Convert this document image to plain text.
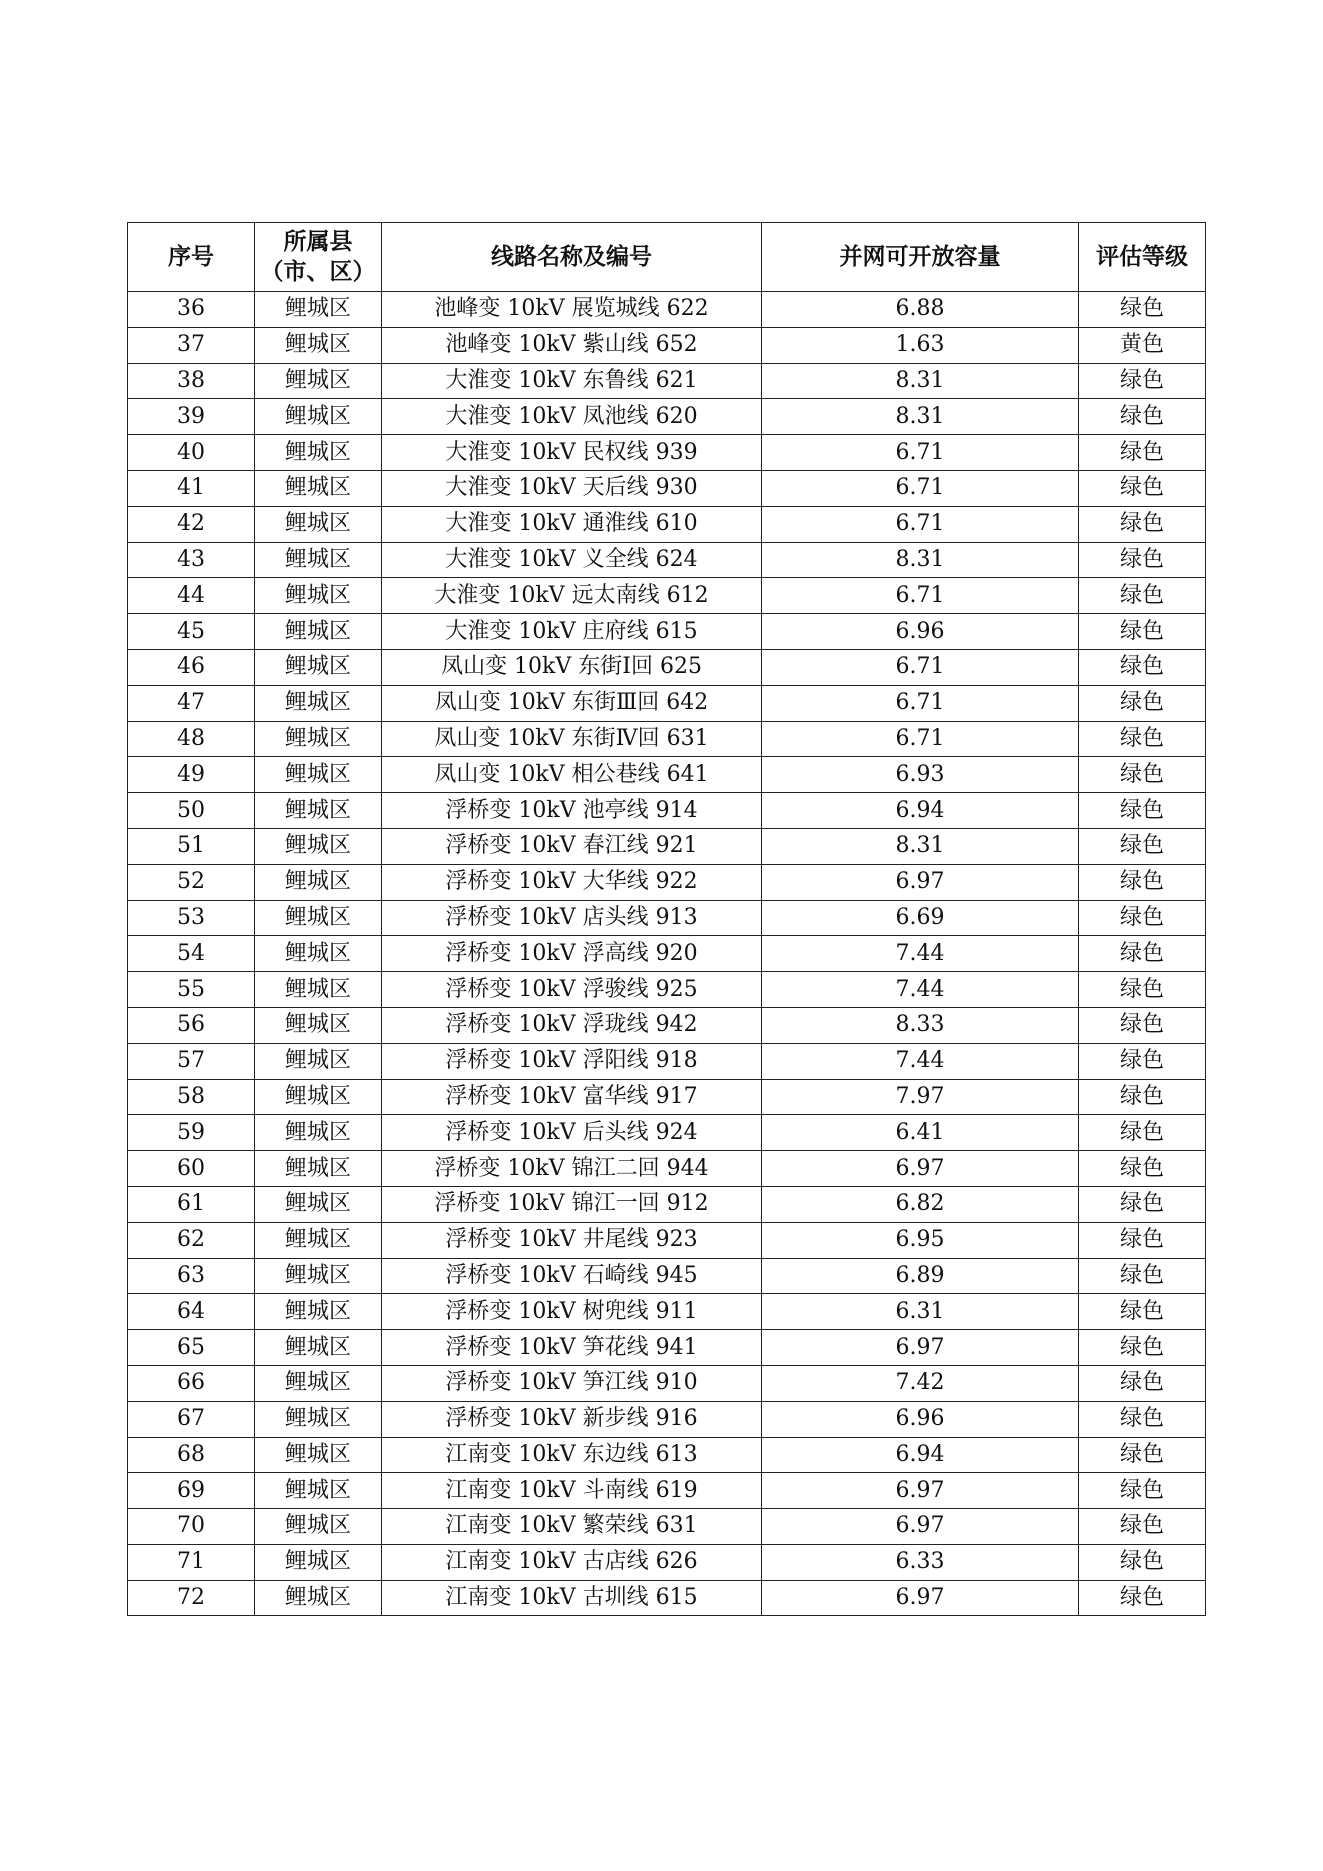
序号	所属县
（市、区）	线路名称及编号	并网可开放容量	评估等级
36	鲤城区	池峰变 10kV 展览城线 622	6.88	绿色
37	鲤城区	池峰变 10kV 紫山线 652	1.63	黄色
38	鲤城区	大淮变 10kV 东鲁线 621	8.31	绿色
39	鲤城区	大淮变 10kV 凤池线 620	8.31	绿色
40	鲤城区	大淮变 10kV 民权线 939	6.71	绿色
41	鲤城区	大淮变 10kV 天后线 930	6.71	绿色
42	鲤城区	大淮变 10kV 通淮线 610	6.71	绿色
43	鲤城区	大淮变 10kV 义全线 624	8.31	绿色
44	鲤城区	大淮变 10kV 远太南线 612	6.71	绿色
45	鲤城区	大淮变 10kV 庄府线 615	6.96	绿色
46	鲤城区	凤山变 10kV 东街Ⅰ回 625	6.71	绿色
47	鲤城区	凤山变 10kV 东街Ⅲ回 642	6.71	绿色
48	鲤城区	凤山变 10kV 东街Ⅳ回 631	6.71	绿色
49	鲤城区	凤山变 10kV 相公巷线 641	6.93	绿色
50	鲤城区	浮桥变 10kV 池亭线 914	6.94	绿色
51	鲤城区	浮桥变 10kV 春江线 921	8.31	绿色
52	鲤城区	浮桥变 10kV 大华线 922	6.97	绿色
53	鲤城区	浮桥变 10kV 店头线 913	6.69	绿色
54	鲤城区	浮桥变 10kV 浮高线 920	7.44	绿色
55	鲤城区	浮桥变 10kV 浮骏线 925	7.44	绿色
56	鲤城区	浮桥变 10kV 浮珑线 942	8.33	绿色
57	鲤城区	浮桥变 10kV 浮阳线 918	7.44	绿色
58	鲤城区	浮桥变 10kV 富华线 917	7.97	绿色
59	鲤城区	浮桥变 10kV 后头线 924	6.41	绿色
60	鲤城区	浮桥变 10kV 锦江二回 944	6.97	绿色
61	鲤城区	浮桥变 10kV 锦江一回 912	6.82	绿色
62	鲤城区	浮桥变 10kV 井尾线 923	6.95	绿色
63	鲤城区	浮桥变 10kV 石崎线 945	6.89	绿色
64	鲤城区	浮桥变 10kV 树兜线 911	6.31	绿色
65	鲤城区	浮桥变 10kV 笋花线 941	6.97	绿色
66	鲤城区	浮桥变 10kV 笋江线 910	7.42	绿色
67	鲤城区	浮桥变 10kV 新步线 916	6.96	绿色
68	鲤城区	江南变 10kV 东边线 613	6.94	绿色
69	鲤城区	江南变 10kV 斗南线 619	6.97	绿色
70	鲤城区	江南变 10kV 繁荣线 631	6.97	绿色
71	鲤城区	江南变 10kV 古店线 626	6.33	绿色
72	鲤城区	江南变 10kV 古圳线 615	6.97	绿色
